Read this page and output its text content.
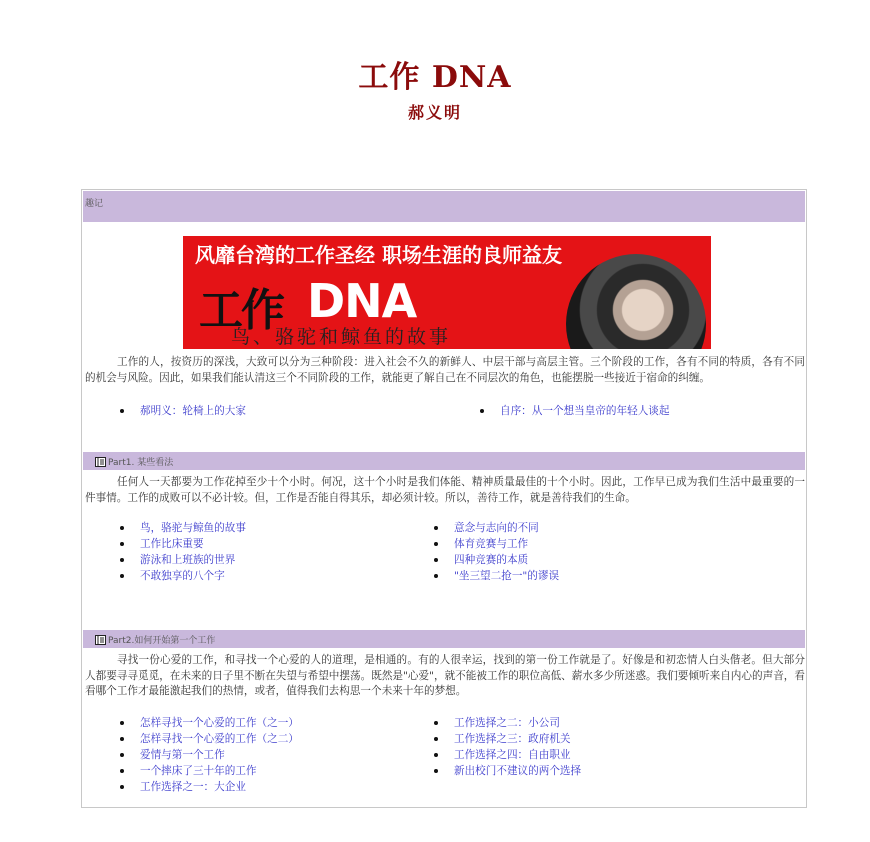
工作 DNA
郝义明
趣记
风靡台湾的工作圣经 职场生涯的良师益友
工作 DNA
鸟、骆驼和鲸鱼的故事
工作的人，按资历的深浅，大致可以分为三种阶段：进入社会不久的新鲜人、中层干部与高层主管。三个阶段的工作，各有不同的特质，各有不同的机会与风险。因此，如果我们能认清这三个不同阶段的工作，就能更了解自己在不同层次的角色，也能摆脱一些接近于宿命的纠缠。
郝明义：轮椅上的大家	自序：从一个想当皇帝的年轻人谈起
Part1. 某些看法
任何人一天都要为工作花掉至少十个小时。何况，这十个小时是我们体能、精神质量最佳的十个小时。因此，工作早已成为我们生活中最重要的一件事情。工作的成败可以不必计较。但，工作是否能自得其乐，却必须计较。所以，善待工作，就是善待我们的生命。
鸟，骆驼与鲸鱼的故事
工作比床重要
游泳和上班族的世界
不敢独享的八个字
意念与志向的不同
体育竞赛与工作
四种竞赛的本质
"坐三望二抢一"的谬误
Part2.如何开始第一个工作
寻找一份心爱的工作，和寻找一个心爱的人的道理，是相通的。有的人很幸运，找到的第一份工作就是了。好像是和初恋情人白头偕老。但大部分人都要寻寻觅觅，在未来的日子里不断在失望与希望中摆荡。既然是"心爱"，就不能被工作的职位高低、薪水多少所迷惑。我们要倾听来自内心的声音，看看哪个工作才最能激起我们的热情，或者，值得我们去构思一个未来十年的梦想。
怎样寻找一个心爱的工作（之一）
怎样寻找一个心爱的工作（之二）
爱情与第一个工作
一个摔床了三十年的工作
工作选择之一：大企业
工作选择之二：小公司
工作选择之三：政府机关
工作选择之四：自由职业
新出校门不建议的两个选择
